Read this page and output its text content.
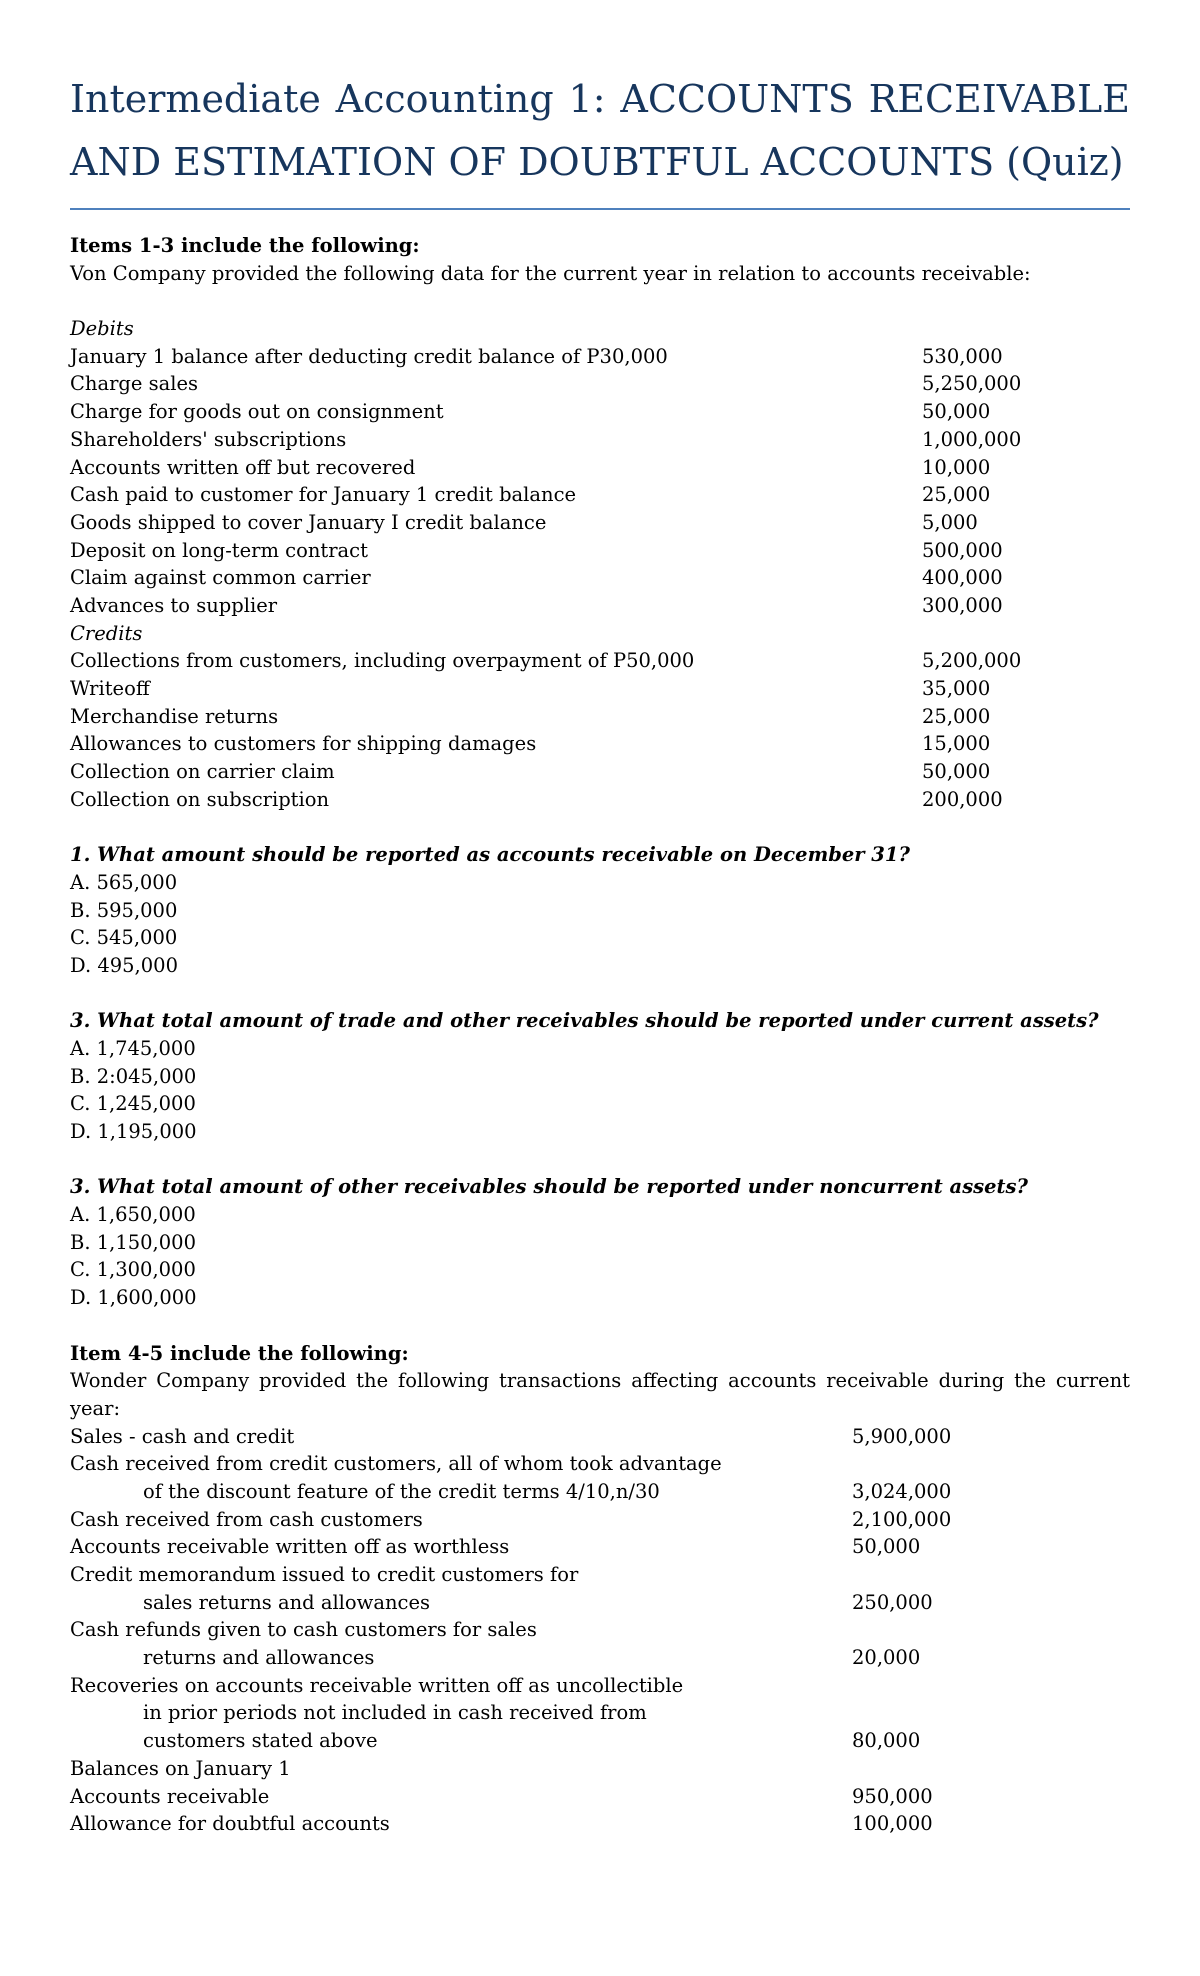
Intermediate Accounting 1: ACCOUNTS RECEIVABLE AND ESTIMATION OF DOUBTFUL ACCOUNTS (Quiz)
Items 1-3 include the following:
Von Company provided the following data for the current year in relation to accounts receivable:
Debits
January 1 balance after deducting credit balance of P30,000	530,000
Charge sales	5,250,000
Charge for goods out on consignment	50,000
Shareholders' subscriptions	1,000,000
Accounts written off but recovered	10,000
Cash paid to customer for January 1 credit balance	25,000
Goods shipped to cover January I credit balance	5,000
Deposit on long-term contract	500,000
Claim against common carrier	400,000
Advances to supplier	300,000
Credits
Collections from customers, including overpayment of P50,000	5,200,000
Writeoff	35,000
Merchandise returns	25,000
Allowances to customers for shipping damages	15,000
Collection on carrier claim	50,000
Collection on subscription	200,000
1. What amount should be reported as accounts receivable on December 31?
A. 565,000
B. 595,000
C. 545,000
D. 495,000
3. What total amount of trade and other receivables should be reported under current assets?
A. 1,745,000
B. 2:045,000
C. 1,245,000
D. 1,195,000
3. What total amount of other receivables should be reported under noncurrent assets?
A. 1,650,000
B. 1,150,000
C. 1,300,000
D. 1,600,000
Item 4-5 include the following:
Wonder Company provided the following transactions affecting accounts receivable during the current year:
Sales - cash and credit	5,900,000
Cash received from credit customers, all of whom took advantage
of the discount feature of the credit terms 4/10,n/30	3,024,000
Cash received from cash customers	2,100,000
Accounts receivable written off as worthless	50,000
Credit memorandum issued to credit customers for
sales returns and allowances	250,000
Cash refunds given to cash customers for sales
returns and allowances	20,000
Recoveries on accounts receivable written off as uncollectible
in prior periods not included in cash received from
customers stated above	80,000
Balances on January 1
Accounts receivable	950,000
Allowance for doubtful accounts	100,000
